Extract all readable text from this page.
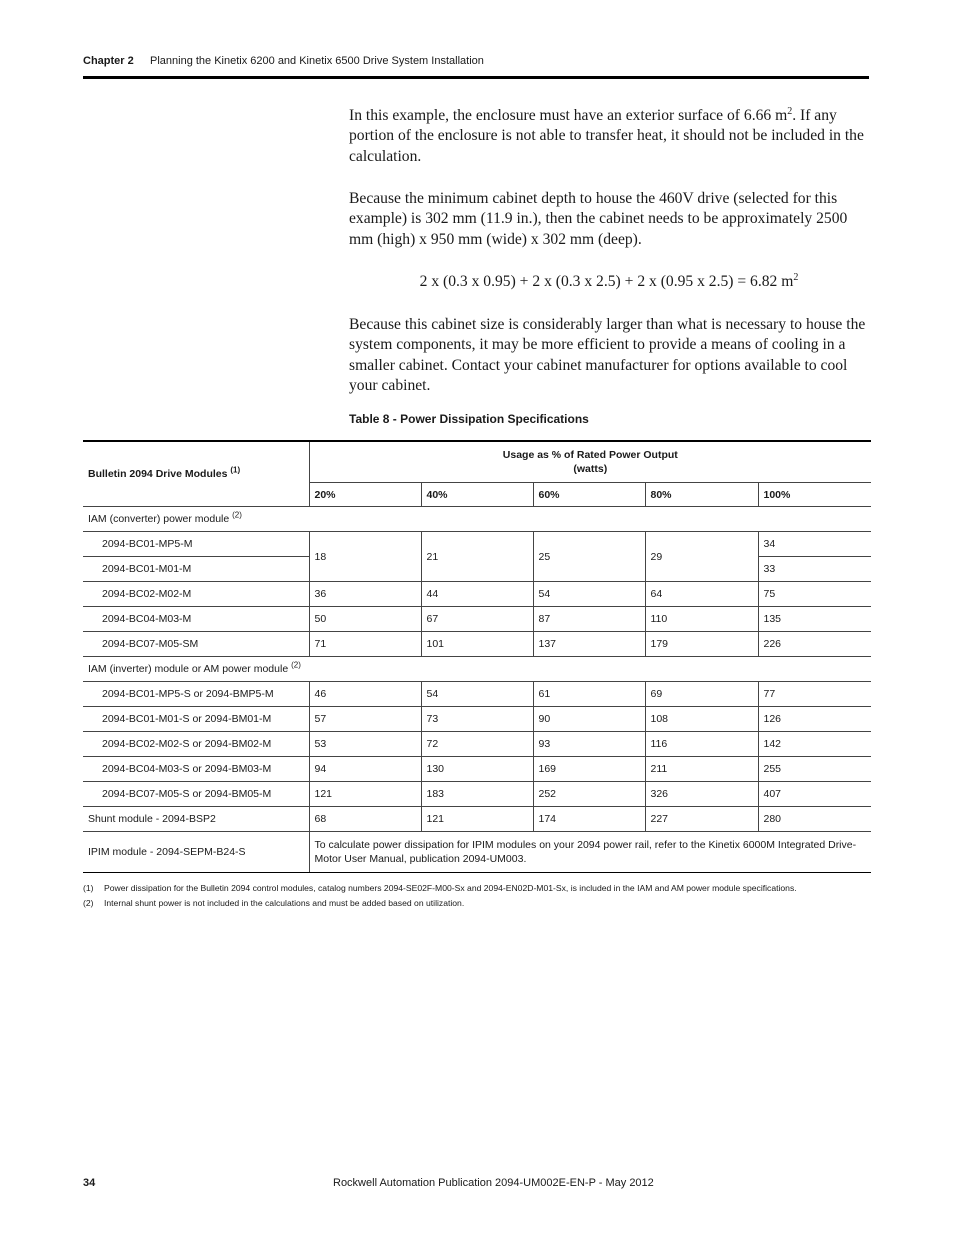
Chapter 2 Planning the Kinetix 6200 and Kinetix 6500 Drive System Installation
In this example, the enclosure must have an exterior surface of 6.66 $m^2$. If any portion of the enclosure is not able to transfer heat, it should not be included in the calculation.
Because the minimum cabinet depth to house the 460V drive (selected for this example) is 302 mm (11.9 in.), then the cabinet needs to be approximately 2500 mm (high) x 950 mm (wide) x 302 mm (deep).
2 x (0.3 x 0.95) + 2 x (0.3 x 2.5) + 2 x (0.95 x 2.5) = 6.82 $m^2$
Because this cabinet size is considerably larger than what is necessary to house the system components, it may be more efficient to provide a means of cooling in a smaller cabinet. Contact your cabinet manufacturer for options available to cool your cabinet.
Table 8 - Power Dissipation Specifications
Bulletin 2094 Drive Modules $^{(1)}$	Usage as % of Rated Power Output
(watts)				

	20%	40%	60%	80%	100%
IAM (converter) power module $^{(2)}$
2094-BC01-MP5-M	18	21	25	29	34
2094-BC01-M01-M					33
2094-BC02-M02-M	36	44	54	64	75
2094-BC04-M03-M	50	67	87	110	135
2094-BC07-M05-SM	71	101	137	179	226
IAM (inverter) module or AM power module $^{(2)}$
2094-BC01-MP5-S or 2094-BMP5-M	46	54	61	69	77
2094-BC01-M01-S or 2094-BM01-M	57	73	90	108	126
2094-BC02-M02-S or 2094-BM02-M	53	72	93	116	142
2094-BC04-M03-S or 2094-BM03-M	94	130	169	211	255
2094-BC07-M05-S or 2094-BM05-M	121	183	252	326	407
Shunt module - 2094-BSP2	68	121	174	227	280
IPIM module - 2094-SEPM-B24-S	To calculate power dissipation for IPIM modules on your 2094 power rail, refer to the Kinetix 6000M Integrated Drive-Motor User Manual, publication 2094-UM003.				
(1) Power dissipation for the Bulletin 2094 control modules, catalog numbers 2094-SE02F-M00-Sx and 2094-EN02D-M01-Sx, is included in the IAM and AM power module specifications.
(2) Internal shunt power is not included in the calculations and must be added based on utilization.
34	Rockwell Automation Publication 2094-UM002E-EN-P - May 2012
